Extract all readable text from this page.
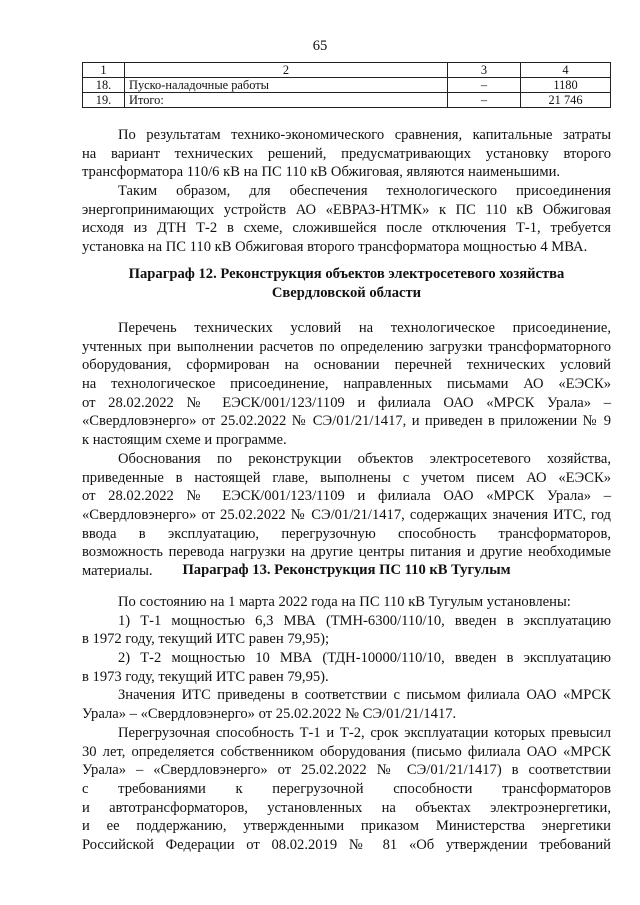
65
1	2	3	4
18.	Пуско-наладочные работы	–	1180
19.	Итого:	–	21 746
По результатам технико-экономического сравнения, капитальные затраты
на вариант технических решений, предусматривающих установку второго
трансформатора 110/6 кВ на ПС 110 кВ Обжиговая, являются наименьшими.
Таким образом, для обеспечения технологического присоединения
энергопринимающих устройств АО «ЕВРАЗ-НТМК» к ПС 110 кВ Обжиговая
исходя из ДТН Т-2 в схеме, сложившейся после отключения Т-1, требуется
установка на ПС 110 кВ Обжиговая второго трансформатора мощностью 4 МВА.
Параграф 12. Реконструкция объектов электросетевого хозяйства
Свердловской области
Перечень технических условий на технологическое присоединение,
учтенных при выполнении расчетов по определению загрузки трансформаторного
оборудования, сформирован на основании перечней технических условий
на технологическое присоединение, направленных письмами АО «ЕЭСК»
от 28.02.2022 № ЕЭСК/001/123/1109 и филиала ОАО «МРСК Урала» –
«Свердловэнерго» от 25.02.2022 № СЭ/01/21/1417, и приведен в приложении № 9
к настоящим схеме и программе.
Обоснования по реконструкции объектов электросетевого хозяйства,
приведенные в настоящей главе, выполнены с учетом писем АО «ЕЭСК»
от 28.02.2022 № ЕЭСК/001/123/1109 и филиала ОАО «МРСК Урала» –
«Свердловэнерго» от 25.02.2022 № СЭ/01/21/1417, содержащих значения ИТС, год
ввода в эксплуатацию, перегрузочную способность трансформаторов,
возможность перевода нагрузки на другие центры питания и другие необходимые
материалы.	Параграф 13. Реконструкция ПС 110 кВ Тугулым
По состоянию на 1 марта 2022 года на ПС 110 кВ Тугулым установлены:
1) Т-1 мощностью 6,3 МВА (ТМН-6300/110/10, введен в эксплуатацию
в 1972 году, текущий ИТС равен 79,95);
2) Т-2 мощностью 10 МВА (ТДН-10000/110/10, введен в эксплуатацию
в 1973 году, текущий ИТС равен 79,95).
Значения ИТС приведены в соответствии с письмом филиала ОАО «МРСК
Урала» – «Свердловэнерго» от 25.02.2022 № СЭ/01/21/1417.
Перегрузочная способность Т-1 и Т-2, срок эксплуатации которых превысил
30 лет, определяется собственником оборудования (письмо филиала ОАО «МРСК
Урала» – «Свердловэнерго» от 25.02.2022 № СЭ/01/21/1417) в соответствии
с требованиями к перегрузочной способности трансформаторов
и автотрансформаторов, установленных на объектах электроэнергетики,
и ее поддержанию, утвержденными приказом Министерства энергетики
Российской Федерации от 08.02.2019 № 81 «Об утверждении требований
